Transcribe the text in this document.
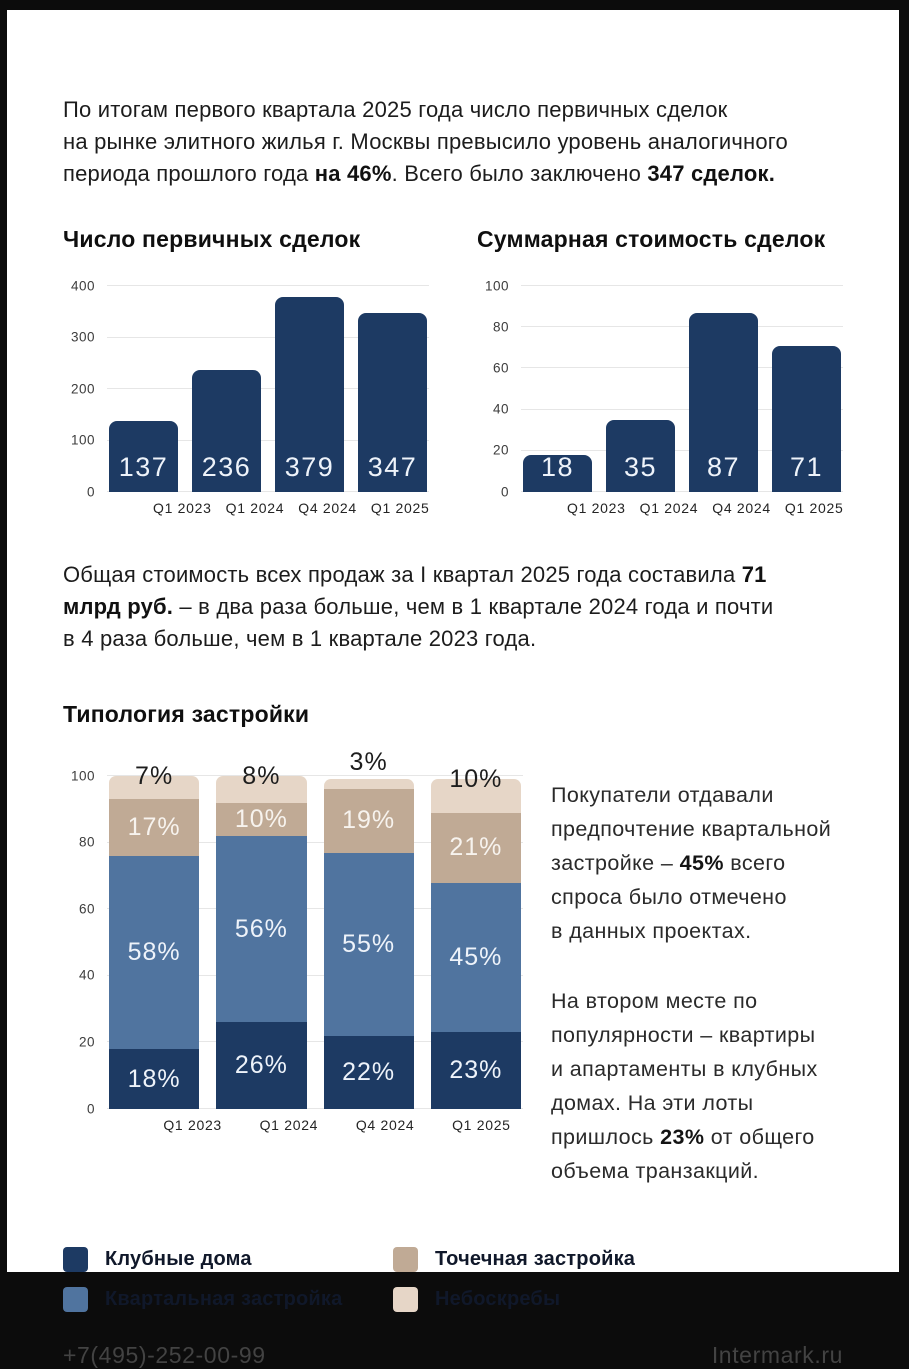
По итогам первого квартала 2025 года число первичных сделок
на рынке элитного жилья г. Москвы превысило уровень аналогичного
периода прошлого года на 46%. Всего было заключено 347 сделок.

Число первичных сделок
0
100
200
300
400
137	236	379	347
Q1 2023 Q1 2024 Q4 2024 Q1 2025
Суммарная стоимость сделок
0
20
40
60
80
100
18	35	87	71
Q1 2023 Q1 2024 Q4 2024 Q1 2025

Общая стоимость всех продаж за I квартал 2025 года составила 71
млрд руб. – в два раза больше, чем в 1 квартале 2024 года и почти
в 4 раза больше, чем в 1 квартале 2023 года.

Типология застройки
0
20
40
60
80
100
18%
58%
17%
7%
26%
56%
10%
8%
22%
55%
19%
3%
23%
45%
21%
10%
Q1 2023	Q1 2024	Q4 2024	Q1 2025

Покупатели отдавали
предпочтение квартальной
застройке – 45% всего
спроса было отмечено
в данных проектах.

На втором месте по
популярности – квартиры
и апартаменты в клубных
домах. На эти лоты
пришлось 23% от общего
объема транзакций.

Клубные дома
Квартальная застройка
Точечная застройка
Небоскребы
+7(495)-252-00-99	Intermark.ru
